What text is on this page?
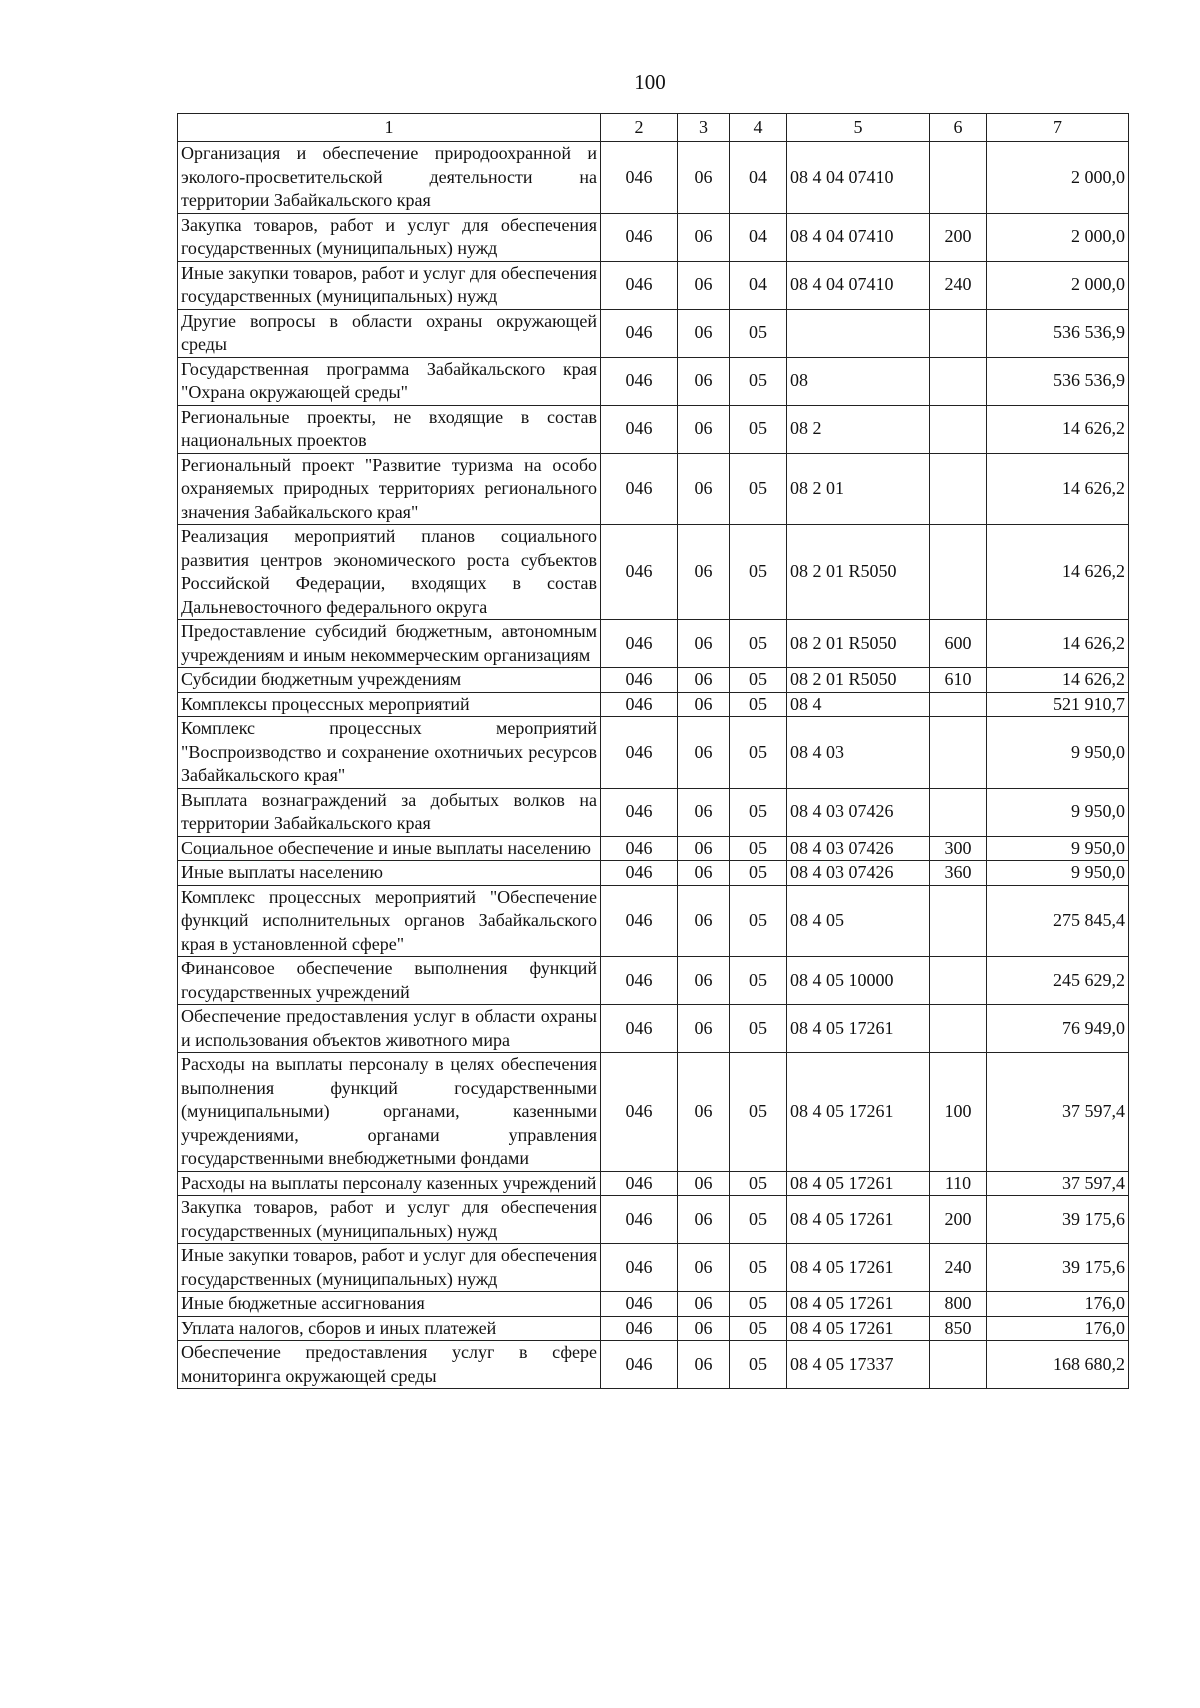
100
1	2	3	4	5	6	7
Организация и обеспечение природоохранной и эколого-просветительской деятельности на территории Забайкальского края	046	06	04	08 4 04 07410		2 000,0
Закупка товаров, работ и услуг для обеспечения государственных (муниципальных) нужд	046	06	04	08 4 04 07410	200	2 000,0
Иные закупки товаров, работ и услуг для обеспечения государственных (муниципальных) нужд	046	06	04	08 4 04 07410	240	2 000,0
Другие вопросы в области охраны окружающей среды	046	06	05			536 536,9
Государственная программа Забайкальского края "Охрана окружающей среды"	046	06	05	08		536 536,9
Региональные проекты, не входящие в состав национальных проектов	046	06	05	08 2		14 626,2
Региональный проект "Развитие туризма на особо охраняемых природных территориях регионального значения Забайкальского края"	046	06	05	08 2 01		14 626,2
Реализация мероприятий планов социального развития центров экономического роста субъектов Российской Федерации, входящих в состав Дальневосточного федерального округа	046	06	05	08 2 01 R5050		14 626,2
Предоставление субсидий бюджетным, автономным учреждениям и иным некоммерческим организациям	046	06	05	08 2 01 R5050	600	14 626,2
Субсидии бюджетным учреждениям	046	06	05	08 2 01 R5050	610	14 626,2
Комплексы процессных мероприятий	046	06	05	08 4		521 910,7
Комплекс процессных мероприятий "Воспроизводство и сохранение охотничьих ресурсов Забайкальского края"	046	06	05	08 4 03		9 950,0
Выплата вознаграждений за добытых волков на территории Забайкальского края	046	06	05	08 4 03 07426		9 950,0
Социальное обеспечение и иные выплаты населению	046	06	05	08 4 03 07426	300	9 950,0
Иные выплаты населению	046	06	05	08 4 03 07426	360	9 950,0
Комплекс процессных мероприятий "Обеспечение функций исполнительных органов Забайкальского края в установленной сфере"	046	06	05	08 4 05		275 845,4
Финансовое обеспечение выполнения функций государственных учреждений	046	06	05	08 4 05 10000		245 629,2
Обеспечение предоставления услуг в области охраны и использования объектов животного мира	046	06	05	08 4 05 17261		76 949,0
Расходы на выплаты персоналу в целях обеспечения выполнения функций государственными (муниципальными) органами, казенными учреждениями, органами управления государственными внебюджетными фондами	046	06	05	08 4 05 17261	100	37 597,4
Расходы на выплаты персоналу казенных учреждений	046	06	05	08 4 05 17261	110	37 597,4
Закупка товаров, работ и услуг для обеспечения государственных (муниципальных) нужд	046	06	05	08 4 05 17261	200	39 175,6
Иные закупки товаров, работ и услуг для обеспечения государственных (муниципальных) нужд	046	06	05	08 4 05 17261	240	39 175,6
Иные бюджетные ассигнования	046	06	05	08 4 05 17261	800	176,0
Уплата налогов, сборов и иных платежей	046	06	05	08 4 05 17261	850	176,0
Обеспечение предоставления услуг в сфере мониторинга окружающей среды	046	06	05	08 4 05 17337		168 680,2
